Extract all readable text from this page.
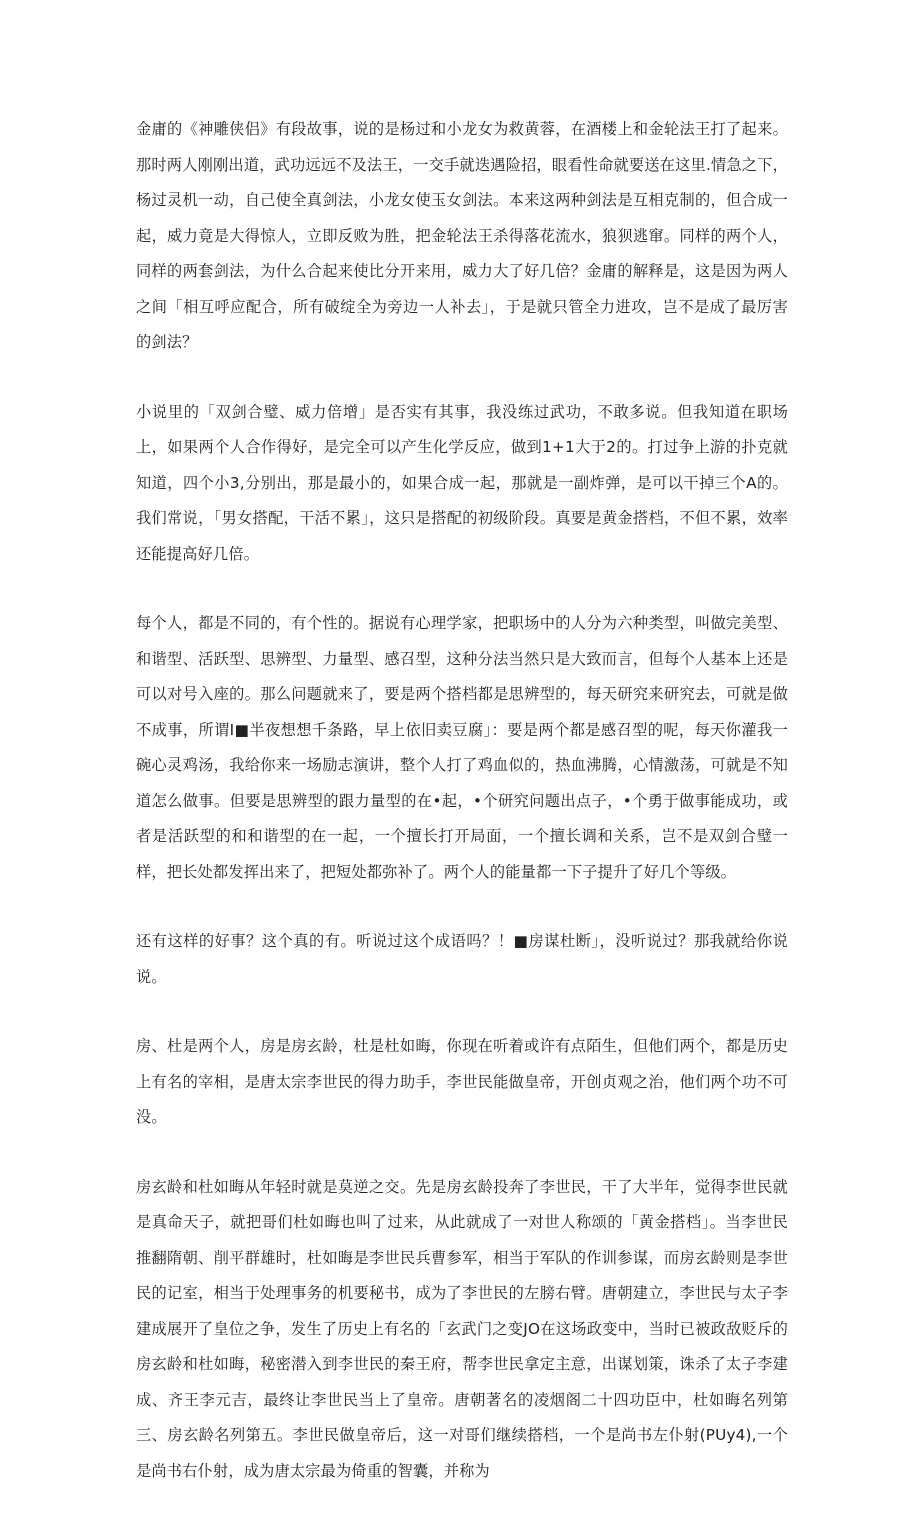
金庸的《神雕侠侣》有段故事，说的是杨过和小龙女为救黄蓉，在酒楼上和金轮法王打了起来。那时两人刚刚出道，武功远远不及法王，一交手就迭遇险招，眼看性命就要送在这里.情急之下，杨过灵机一动，自己使全真剑法，小龙女使玉女剑法。本来这两种剑法是互相克制的，但合成一起，威力竟是大得惊人，立即反败为胜，把金轮法王杀得落花流水，狼狈逃窜。同样的两个人，同样的两套剑法，为什么合起来使比分开来用，威力大了好几倍？金庸的解释是，这是因为两人之间「相互呼应配合，所有破绽全为旁边一人补去」，于是就只管全力进攻，岂不是成了最厉害的剑法？

小说里的「双剑合璧、威力倍增」是否实有其事，我没练过武功，不敢多说。但我知道在职场上，如果两个人合作得好，是完全可以产生化学反应，做到1+1大于2的。打过争上游的扑克就知道，四个小3,分别出，那是最小的，如果合成一起，那就是一副炸弹，是可以干掉三个A的。我们常说，「男女搭配，干活不累」，这只是搭配的初级阶段。真要是黄金搭档，不但不累，效率还能提高好几倍。

每个人，都是不同的，有个性的。据说有心理学家，把职场中的人分为六种类型，叫做完美型、和谐型、活跃型、思辨型、力量型、感召型，这种分法当然只是大致而言，但每个人基本上还是可以对号入座的。那么问题就来了，要是两个搭档都是思辨型的，每天研究来研究去，可就是做不成事，所谓I■半夜想想千条路，早上依旧卖豆腐」：要是两个都是感召型的呢，每天你灌我一碗心灵鸡汤，我给你来一场励志演讲，整个人打了鸡血似的，热血沸腾，心情激荡，可就是不知道怎么做事。但要是思辨型的跟力量型的在•起，•个研究问题出点子，•个勇于做事能成功，或者是活跃型的和和谐型的在一起，一个擅长打开局面，一个擅长调和关系，岂不是双剑合璧一样，把长处都发挥出来了，把短处都弥补了。两个人的能量都一下子提升了好几个等级。

还有这样的好事？这个真的有。听说过这个成语吗？！■房谋杜断」，没听说过？那我就给你说说。

房、杜是两个人，房是房玄龄，杜是杜如晦，你现在听着或许有点陌生，但他们两个，都是历史上有名的宰相，是唐太宗李世民的得力助手，李世民能做皇帝，开创贞观之治，他们两个功不可没。

房玄龄和杜如晦从年轻时就是莫逆之交。先是房玄龄投奔了李世民，干了大半年，觉得李世民就是真命天子，就把哥们杜如晦也叫了过来，从此就成了一对世人称颂的「黄金搭档」。当李世民推翻隋朝、削平群雄时，杜如晦是李世民兵曹参军，相当于军队的作训参谋，而房玄龄则是李世民的记室，相当于处理事务的机要秘书，成为了李世民的左膀右臂。唐朝建立，李世民与太子李建成展开了皇位之争，发生了历史上有名的「玄武门之变JO在这场政变中，当时已被政敌贬斥的房玄龄和杜如晦，秘密潜入到李世民的秦王府，帮李世民拿定主意，出谋划策，诛杀了太子李建成、齐王李元吉，最终让李世民当上了皇帝。唐朝著名的凌烟阁二十四功臣中，杜如晦名列第三、房玄龄名列第五。李世民做皇帝后，这一对哥们继续搭档，一个是尚书左仆射(PUy4),一个是尚书右仆射，成为唐太宗最为倚重的智囊，并称为
